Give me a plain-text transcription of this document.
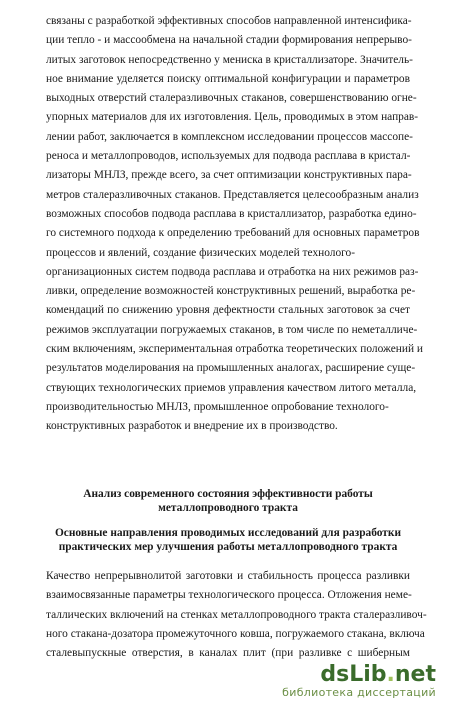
связаны с разработкой эффективных способов направленной интенсифика-
ции тепло - и массообмена на начальной стадии формирования непрерыво-
литых заготовок непосредственно у мениска в кристаллизаторе. Значитель-
ное внимание уделяется поиску оптимальной конфигурации и параметров
выходных отверстий сталеразливочных стаканов, совершенствованию огне-
упорных материалов для их изготовления. Цель, проводимых в этом направ-
лении работ, заключается в комплексном исследовании процессов массопе-
реноса и металлопроводов, используемых для подвода расплава в кристал-
лизаторы МНЛЗ, прежде всего, за счет оптимизации конструктивных пара-
метров сталеразливочных стаканов. Представляется целесообразным анализ
возможных способов подвода расплава в кристаллизатор, разработка едино-
го системного подхода к определению требований для основных параметров
процессов и явлений, создание физических моделей технолого-
организационных систем подвода расплава и отработка на них режимов раз-
ливки, определение возможностей конструктивных решений, выработка ре-
комендаций по снижению уровня дефектности стальных заготовок за счет
режимов эксплуатации погружаемых стаканов, в том числе по неметалличе-
ским включениям, экспериментальная отработка теоретических положений и
результатов моделирования на промышленных аналогах, расширение суще-
ствующих технологических приемов управления качеством литого металла,
производительностью МНЛЗ, промышленное опробование технолого-
конструктивных разработок и внедрение их в производство.
Анализ современного состояния эффективности работы
металлопроводного тракта
Основные направления проводимых исследований для разработки
практических мер улучшения работы металлопроводного тракта
Качество непрерывнолитой заготовки и стабильность процесса разливки
взаимосвязанные параметры технологического процесса. Отложения неме-
таллических включений на стенках металлопроводного тракта сталеразливоч-
ного стакана-дозатора промежуточного ковша, погружаемого стакана, включа
сталевыпускные отверстия, в каналах плит (при разливке с шиберным
dsLib.net
библиотека диссертаций
